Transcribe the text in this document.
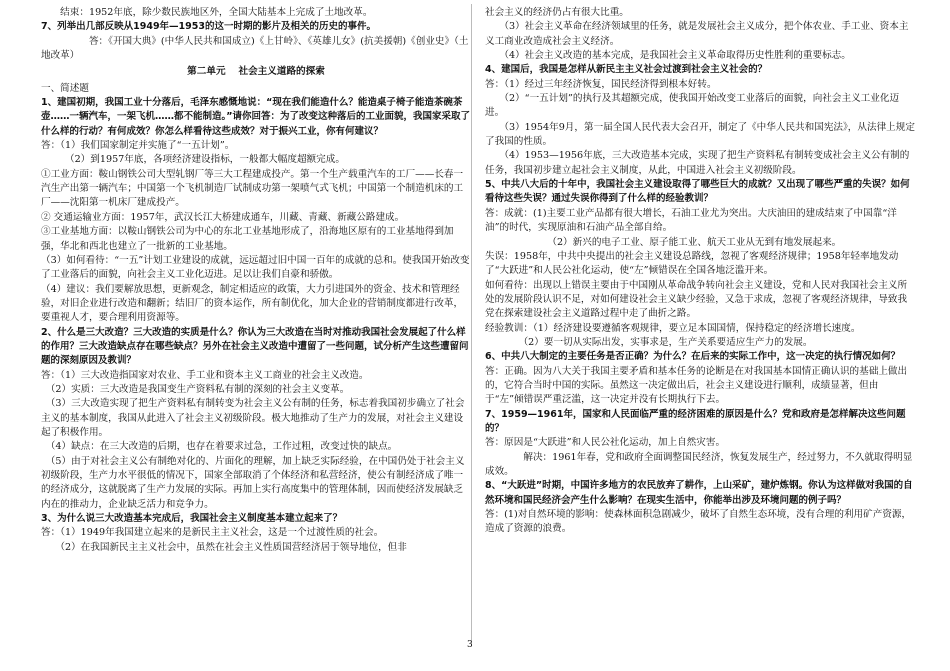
　　结束：1952年底，除少数民族地区外，全国大陆基本上完成了土地改革。
7、列举出几部反映从1949年—1953的这一时期的影片及相关的历史的事件。
　　　　　答：《开国大典》(中华人民共和国成立)《上甘岭》、《英雄儿女》(抗美援朝)《创业史》（土地改革）
第二单元　 社会主义道路的探索
一、简述题
1、建国初期，我国工业十分落后，毛泽东感慨地说：“现在我们能造什么？能造桌子椅子能造茶碗茶壶……一辆汽车，一架飞机……都不能制造。”请你回答：为了改变这种落后的工业面貌，我国家采取了什么样的行动？有何成效？你怎么样看待这些成效？对于振兴工业，你有何建议？
答：（1）我们国家制定并实施了“一五计划”。
　　　（2）到1957年底，各项经济建设指标，一般都大幅度超额完成。
①工业方面：鞍山钢铁公司大型轧钢厂等三大工程建成投产。第一个生产载重汽车的工厂——长春一汽生产出第一辆汽车；中国第一个飞机制造厂试制成功第一架喷气式飞机；中国第一个制造机床的工厂——沈阳第一机床厂建成投产。
② 交通运输业方面：1957年，武汉长江大桥建成通车，川藏、青藏、新藏公路建成。
③工业基地方面：以鞍山钢铁公司为中心的东北工业基地形成了，沿海地区原有的工业基地得到加强，华北和西北也建立了一批新的工业基地。
（3）如何看待：“一五”计划工业建设的成就，远远超过旧中国一百年的成就的总和。使我国开始改变了工业落后的面貌，向社会主义工业化迈进。足以让我们自豪和骄傲。
（4）建议：我们要解放思想，更新观念，制定相适应的政策，大力引进国外的资金、技术和管理经验，对旧企业进行改造和翻新；结旧厂的资本运作，所有制优化，加大企业的营销制度都进行改革，要重视人才，要合理利用资源等。
2、什么是三大改造？三大改造的实质是什么？你认为三大改造在当时对推动我国社会发展起了什么样的作用？三大改造缺点存在哪些缺点？另外在社会主义改造中遭留了一些问题，试分析产生这些遭留问题的深刻原因及教训？
答：（1）三大改造指国家对农业、手工业和资本主义工商业的社会主义改造。
　（2）实质：三大改造是我国变生产资料私有制的深刻的社会主义变革。
　（3）三大改造实现了把生产资料私有制转变为社会主义公有制的任务，标志着我国初步确立了社会主义的基本制度，我国从此进入了社会主义初级阶段。极大地推动了生产力的发展，对社会主义建设起了积极作用。
　（4）缺点：在三大改造的后期，也存在着要求过急，工作过粗，改变过快的缺点。
　（5）由于对社会主义公有制绝对化的、片面化的理解，加上缺乏实际经验，在中国仍处于社会主义初级阶段，生产力水平很低的情况下，国家全部取消了个体经济和私营经济，使公有制经济成了唯一的经济成分，这就脱离了生产力发展的实际。再加上实行高度集中的管理体制，因而使经济发展缺乏内在的推动力，企业缺乏活力和竞争力。
3、为什么说三大改造基本完成后，我国社会主义制度基本建立起来了？
答：（1）1949年我国建立起来的是新民主主义社会，这是一个过渡性质的社会。
　　（2）在我国新民主主义社会中，虽然在社会主义性质国营经济居于领导地位，但非
社会主义的经济仍占有很大比重。
　　（3）社会主义革命在经济领域里的任务，就是发展社会主义成分，把个体农业、手工业、资本主义工商业改造成社会主义经济。
　　（4）社会主义改造的基本完成，是我国社会主义革命取得历史性胜利的重要标志。
4、建国后，我国是怎样从新民主主义社会过渡到社会主义社会的？
答：（1）经过三年经济恢复，国民经济得到根本好转。
　　（2）“一五计划”的执行及其超额完成，使我国开始改变工业落后的面貌，向社会主义工业化迈进。
　　（3）1954年9月，第一届全国人民代表大会召开，制定了《中华人民共和国宪法》，从法律上规定了我国的性质。
　　（4）1953—1956年底，三大改造基本完成，实现了把生产资料私有制转变成社会主义公有制的任务，我国初步建立起社会主义制度，从此，中国进入社会主义初级阶段。
5、中共八大后的十年中，我国社会主义建设取得了哪些巨大的成就？又出现了哪些严重的失误？如何看待这些失误？通过失误你得到了什么样的经验教训？
答：成就：(1)主要工业产品都有很大增长，石油工业尤为突出。大庆油田的建成结束了中国靠“洋油”的时代，实现原油和石油产品全部自给。
　　　　　　　（2）新兴的电子工业、原子能工业、航天工业从无到有地发展起来。
失误：1958年，中共中央提出的社会主义建设总路线，忽视了客观经济规律；1958年轻率地发动了“大跃进”和人民公社化运动，使“左”倾错误在全国各地泛滥开来。
如何看待：出现以上错误主要由于中国刚从革命战争转向社会主义建设，党和人民对我国社会主义所处的发展阶段认识不足，对如何建设社会主义缺少经验，又急于求成，忽视了客观经济规律，导致我党在探索建设社会主义道路过程中走了曲折之路。
经验教训：（1）经济建设要遵循客观规律，要立足本国国情，保持稳定的经济增长速度。
　　　　（2）要一切从实际出发，实事求是，生产关系要适应生产力的发展。
6、中共八大制定的主要任务是否正确？为什么？在后来的实际工作中，这一决定的执行情况如何？
答：正确。因为八大关于我国主要矛盾和基本任务的论断是在对我国基本国情正确认识的基础上做出的，它符合当时中国的实际。虽然这一决定做出后，社会主义建设进行顺利，成绩显著，但由于“左”倾错误严重泛滥，这一决定并没有长期执行下去。
7、1959—1961年，国家和人民面临严重的经济困难的原因是什么？党和政府是怎样解决这些问题的？
答：原因是“大跃进”和人民公社化运动，加上自然灾害。
　　　　解决：1961年春，党和政府全面调整国民经济，恢复发展生产，经过努力，不久就取得明显成效。
8、“大跃进”时期，中国许多地方的农民放弃了耕作，上山采矿，建炉炼钢。你认为这样做对我国的自然环境和国民经济会产生什么影响？在现实生活中，你能举出涉及环境问题的例子吗？
答：(1)对自然环境的影响：使森林面积急剧减少，破坏了自然生态环境，没有合理的利用矿产资源，造成了资源的浪费。
3
